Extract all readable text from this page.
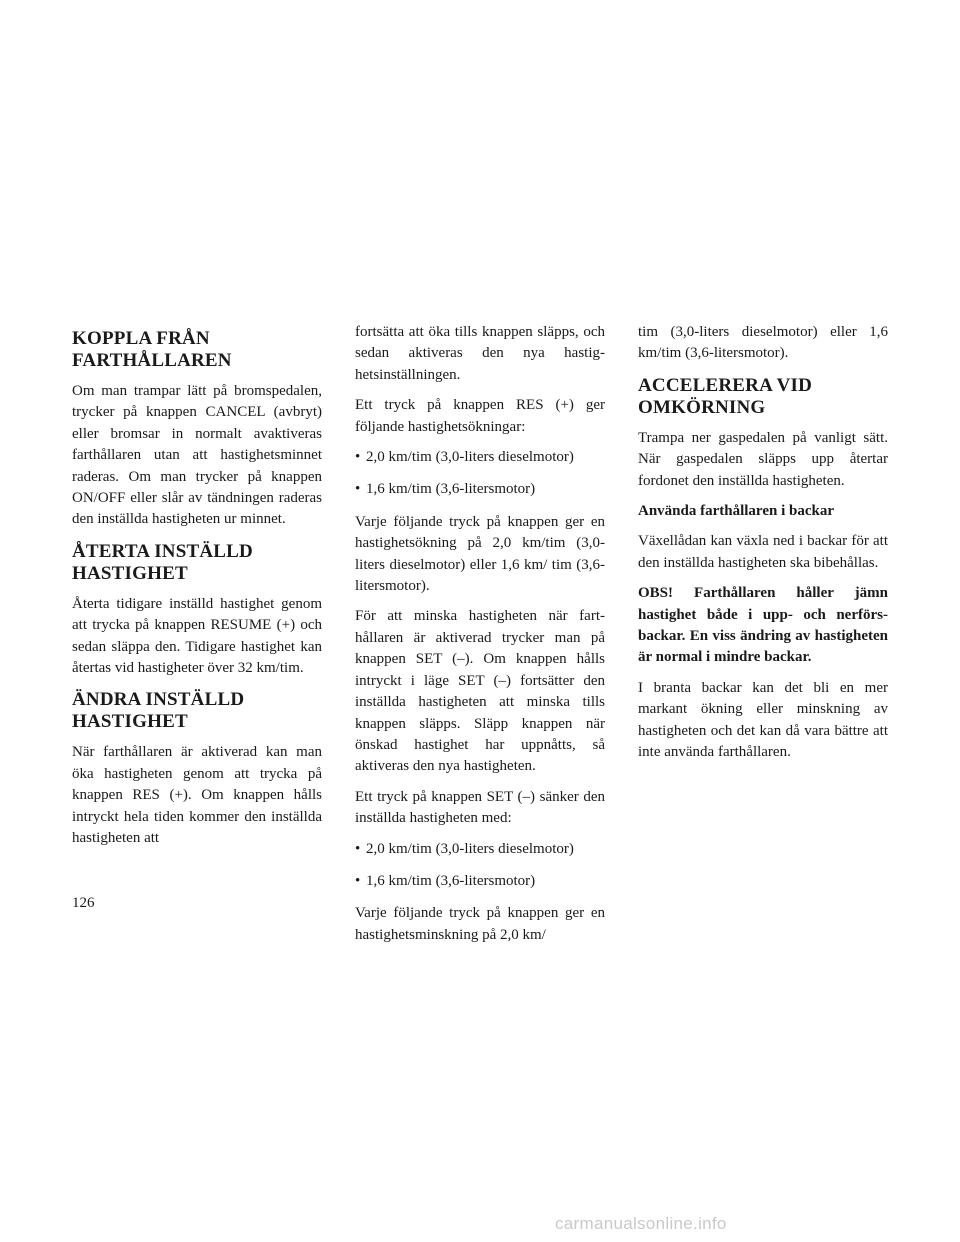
KOPPLA FRÅN FARTHÅLLAREN

Om man trampar lätt på bromspedalen, trycker på knappen CANCEL (avbryt) eller bromsar in normalt avaktiveras farthållaren utan att hastighetsminnet raderas. Om man trycker på knappen ON/OFF eller slår av tändningen raderas den inställda hastigheten ur minnet.

ÅTERTA INSTÄLLD HASTIGHET

Återta tidigare inställd hastighet genom att trycka på knappen RESUME (+) och sedan släppa den. Tidigare hastighet kan återtas vid hastigheter över 32 km/tim.

ÄNDRA INSTÄLLD HASTIGHET

När farthållaren är aktiverad kan man öka hastigheten genom att trycka på knappen RES (+). Om knappen hålls intryckt hela tiden kommer den inställda hastigheten att

fortsätta att öka tills knappen släpps, och sedan aktiveras den nya hastighetsinställningen.

Ett tryck på knappen RES (+) ger följande hastighetsökningar:

• 2,0 km/tim (3,0-liters dieselmotor)
• 1,6 km/tim (3,6-litersmotor)

Varje följande tryck på knappen ger en hastighetsökning på 2,0 km/tim (3,0-liters dieselmotor) eller 1,6 km/ tim (3,6-litersmotor).

För att minska hastigheten när farthållaren är aktiverad trycker man på knappen SET (–). Om knappen hålls intryckt i läge SET (–) fortsätter den inställda hastigheten att minska tills knappen släpps. Släpp knappen när önskad hastighet har uppnåtts, så aktiveras den nya hastigheten.

Ett tryck på knappen SET (–) sänker den inställda hastigheten med:

• 2,0 km/tim (3,0-liters dieselmotor)
• 1,6 km/tim (3,6-litersmotor)

Varje följande tryck på knappen ger en hastighetsminskning på 2,0 km/

tim (3,0-liters dieselmotor) eller 1,6 km/tim (3,6-litersmotor).

ACCELERERA VID OMKÖRNING

Trampa ner gaspedalen på vanligt sätt. När gaspedalen släpps upp återtar fordonet den inställda hastigheten.

Använda farthållaren i backar

Växellådan kan växla ned i backar för att den inställda hastigheten ska bibehållas.

OBS! Farthållaren håller jämn hastighet både i upp- och nerförsbackar. En viss ändring av hastigheten är normal i mindre backar.

I branta backar kan det bli en mer markant ökning eller minskning av hastigheten och det kan då vara bättre att inte använda farthållaren.

126
carmanualsonline.info
